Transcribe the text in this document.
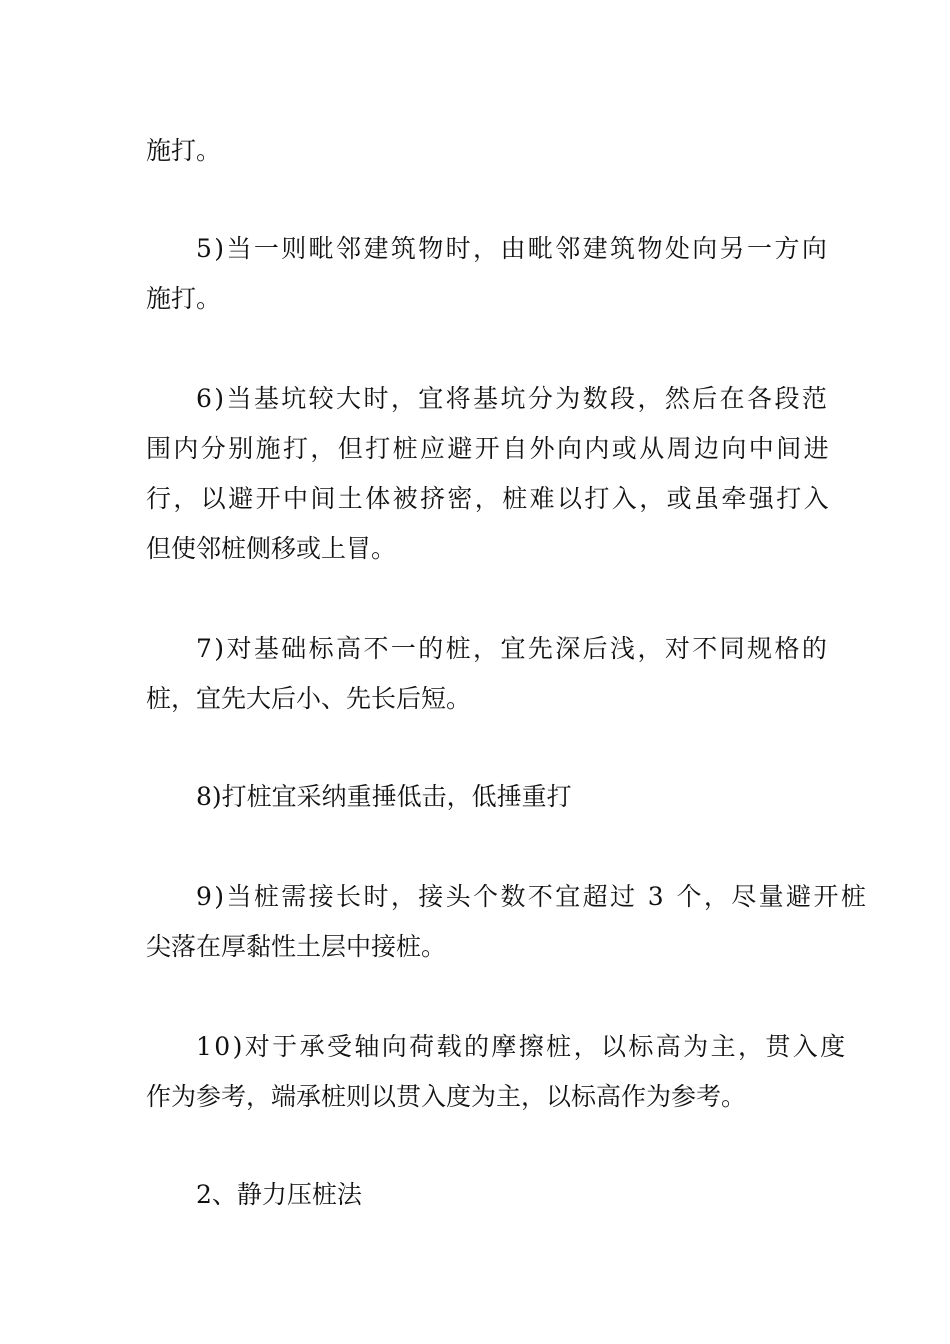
施打。

5)当一则毗邻建筑物时，由毗邻建筑物处向另一方向

施打。

6)当基坑较大时，宜将基坑分为数段，然后在各段范

围内分别施打，但打桩应避开自外向内或从周边向中间进

行，以避开中间土体被挤密，桩难以打入，或虽牵强打入

但使邻桩侧移或上冒。

7)对基础标高不一的桩，宜先深后浅，对不同规格的

桩，宜先大后小、先长后短。

8)打桩宜采纳重捶低击，低捶重打

9)当桩需接长时，接头个数不宜超过 3 个，尽量避开桩

尖落在厚黏性土层中接桩。

10)对于承受轴向荷载的摩擦桩，以标高为主，贯入度

作为参考，端承桩则以贯入度为主，以标高作为参考。

2、静力压桩法
